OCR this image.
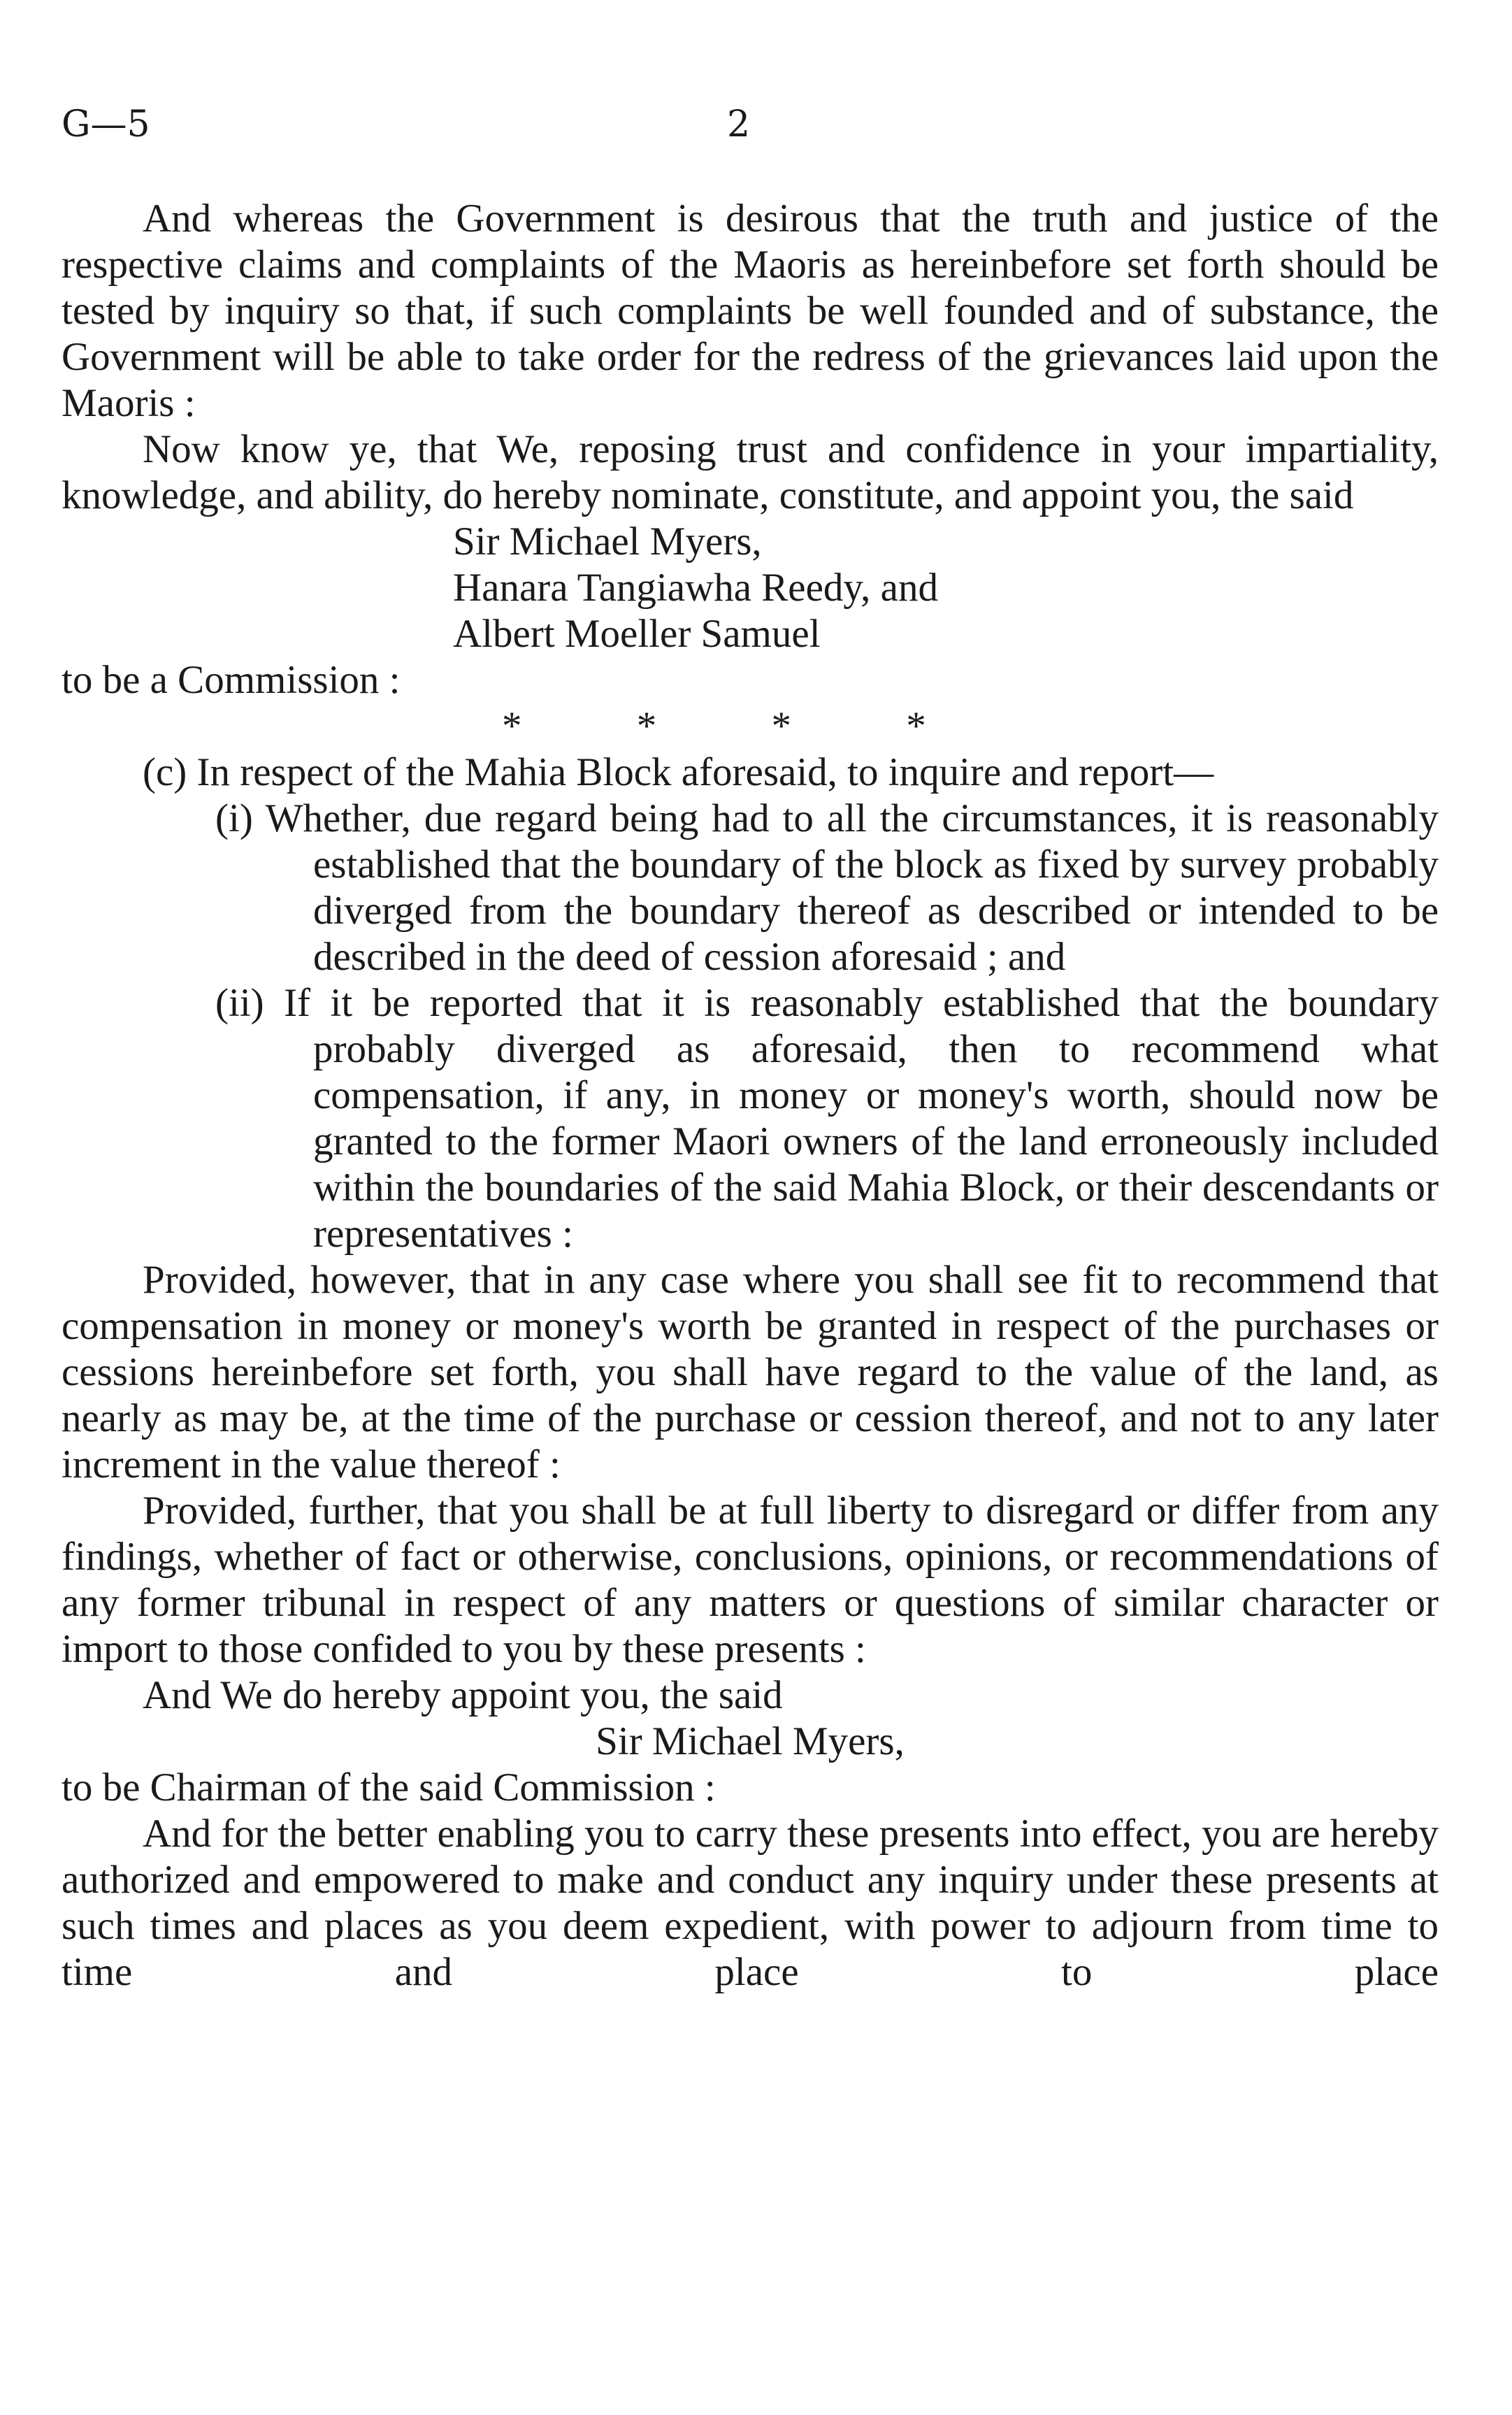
G—5	2

And whereas the Government is desirous that the truth and justice of the respective claims and complaints of the Maoris as hereinbefore set forth should be tested by inquiry so that, if such complaints be well founded and of substance, the Government will be able to take order for the redress of the grievances laid upon the Maoris :

Now know ye, that We, reposing trust and confidence in your impartiality, knowledge, and ability, do hereby nominate, constitute, and appoint you, the said

Sir Michael Myers,
Hanara Tangiawha Reedy, and
Albert Moeller Samuel

to be a Commission :

* * * *

(c) In respect of the Mahia Block aforesaid, to inquire and report—

(i) Whether, due regard being had to all the circumstances, it is reasonably established that the boundary of the block as fixed by survey probably diverged from the boundary thereof as described or intended to be described in the deed of cession aforesaid ; and

(ii) If it be reported that it is reasonably established that the boundary probably diverged as aforesaid, then to recommend what compensation, if any, in money or money's worth, should now be granted to the former Maori owners of the land erroneously included within the boundaries of the said Mahia Block, or their descendants or representatives :

Provided, however, that in any case where you shall see fit to recommend that compensation in money or money's worth be granted in respect of the purchases or cessions hereinbefore set forth, you shall have regard to the value of the land, as nearly as may be, at the time of the purchase or cession thereof, and not to any later increment in the value thereof :

Provided, further, that you shall be at full liberty to disregard or differ from any findings, whether of fact or otherwise, conclusions, opinions, or recommendations of any former tribunal in respect of any matters or questions of similar character or import to those confided to you by these presents :

And We do hereby appoint you, the said

Sir Michael Myers,

to be Chairman of the said Commission :

And for the better enabling you to carry these presents into effect, you are hereby authorized and empowered to make and conduct any inquiry under these presents at such times and places as you deem expedient, with power to adjourn from time to time and place to place
